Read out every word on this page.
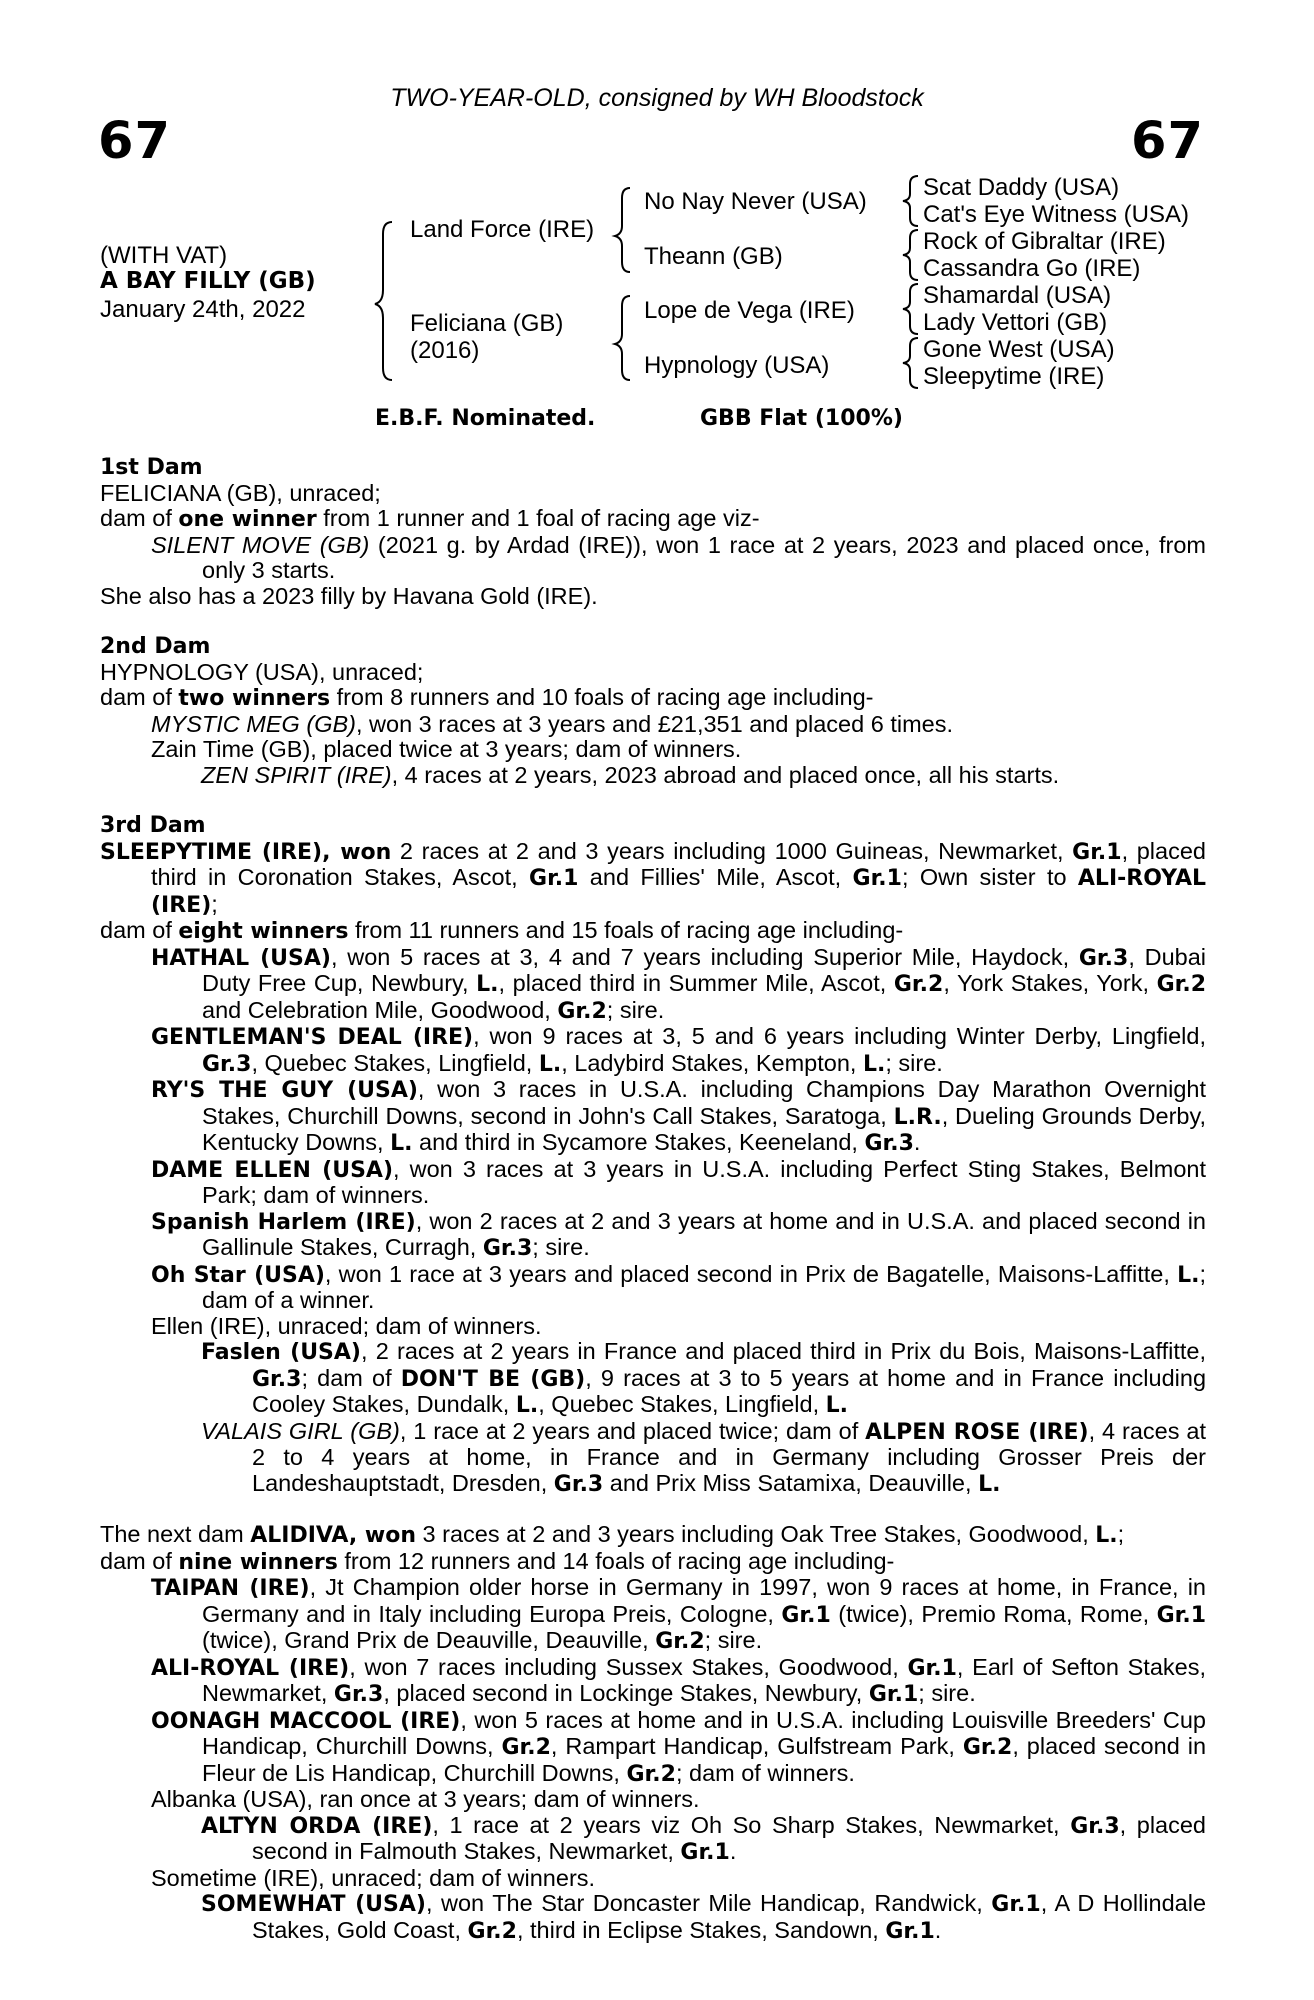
TWO-YEAR-OLD, consigned by WH Bloodstock
67	67
(WITH VAT)
A BAY FILLY (GB)
January 24th, 2022
Land Force (IRE)
Feliciana (GB)
(2016)
No Nay Never (USA)
Theann (GB)
Lope de Vega (IRE)
Hypnology (USA)
Scat Daddy (USA)
Cat's Eye Witness (USA)
Rock of Gibraltar (IRE)
Cassandra Go (IRE)
Shamardal (USA)
Lady Vettori (GB)
Gone West (USA)
Sleepytime (IRE)
E.B.F. Nominated.	GBB Flat (100%)

1st Dam

FELICIANA (GB), unraced;

dam of one winner from 1 runner and 1 foal of racing age viz-

SILENT MOVE (GB) (2021 g. by Ardad (IRE)), won 1 race at 2 years, 2023 and placed once, from only 3 starts.

She also has a 2023 filly by Havana Gold (IRE).

2nd Dam

HYPNOLOGY (USA), unraced;

dam of two winners from 8 runners and 10 foals of racing age including-

MYSTIC MEG (GB), won 3 races at 3 years and £21,351 and placed 6 times.

Zain Time (GB), placed twice at 3 years; dam of winners.

ZEN SPIRIT (IRE), 4 races at 2 years, 2023 abroad and placed once, all his starts.

3rd Dam

SLEEPYTIME (IRE), won 2 races at 2 and 3 years including 1000 Guineas, Newmarket, Gr.1, placed third in Coronation Stakes, Ascot, Gr.1 and Fillies' Mile, Ascot, Gr.1; Own sister to ALI-ROYAL (IRE);

dam of eight winners from 11 runners and 15 foals of racing age including-

HATHAL (USA), won 5 races at 3, 4 and 7 years including Superior Mile, Haydock, Gr.3, Dubai Duty Free Cup, Newbury, L., placed third in Summer Mile, Ascot, Gr.2, York Stakes, York, Gr.2 and Celebration Mile, Goodwood, Gr.2; sire.

GENTLEMAN'S DEAL (IRE), won 9 races at 3, 5 and 6 years including Winter Derby, Lingfield, Gr.3, Quebec Stakes, Lingfield, L., Ladybird Stakes, Kempton, L.; sire.

RY'S THE GUY (USA), won 3 races in U.S.A. including Champions Day Marathon Overnight Stakes, Churchill Downs, second in John's Call Stakes, Saratoga, L.R., Dueling Grounds Derby, Kentucky Downs, L. and third in Sycamore Stakes, Keeneland, Gr.3.

DAME ELLEN (USA), won 3 races at 3 years in U.S.A. including Perfect Sting Stakes, Belmont Park; dam of winners.

Spanish Harlem (IRE), won 2 races at 2 and 3 years at home and in U.S.A. and placed second in Gallinule Stakes, Curragh, Gr.3; sire.

Oh Star (USA), won 1 race at 3 years and placed second in Prix de Bagatelle, Maisons-Laffitte, L.; dam of a winner.

Ellen (IRE), unraced; dam of winners.

Faslen (USA), 2 races at 2 years in France and placed third in Prix du Bois, Maisons-Laffitte, Gr.3; dam of DON'T BE (GB), 9 races at 3 to 5 years at home and in France including Cooley Stakes, Dundalk, L., Quebec Stakes, Lingfield, L.

VALAIS GIRL (GB), 1 race at 2 years and placed twice; dam of ALPEN ROSE (IRE), 4 races at 2 to 4 years at home, in France and in Germany including Grosser Preis der Landeshauptstadt, Dresden, Gr.3 and Prix Miss Satamixa, Deauville, L.

The next dam ALIDIVA, won 3 races at 2 and 3 years including Oak Tree Stakes, Goodwood, L.;

dam of nine winners from 12 runners and 14 foals of racing age including-

TAIPAN (IRE), Jt Champion older horse in Germany in 1997, won 9 races at home, in France, in Germany and in Italy including Europa Preis, Cologne, Gr.1 (twice), Premio Roma, Rome, Gr.1 (twice), Grand Prix de Deauville, Deauville, Gr.2; sire.

ALI-ROYAL (IRE), won 7 races including Sussex Stakes, Goodwood, Gr.1, Earl of Sefton Stakes, Newmarket, Gr.3, placed second in Lockinge Stakes, Newbury, Gr.1; sire.

OONAGH MACCOOL (IRE), won 5 races at home and in U.S.A. including Louisville Breeders' Cup Handicap, Churchill Downs, Gr.2, Rampart Handicap, Gulfstream Park, Gr.2, placed second in Fleur de Lis Handicap, Churchill Downs, Gr.2; dam of winners.

Albanka (USA), ran once at 3 years; dam of winners.

ALTYN ORDA (IRE), 1 race at 2 years viz Oh So Sharp Stakes, Newmarket, Gr.3, placed second in Falmouth Stakes, Newmarket, Gr.1.

Sometime (IRE), unraced; dam of winners.

SOMEWHAT (USA), won The Star Doncaster Mile Handicap, Randwick, Gr.1, A D Hollindale Stakes, Gold Coast, Gr.2, third in Eclipse Stakes, Sandown, Gr.1.
